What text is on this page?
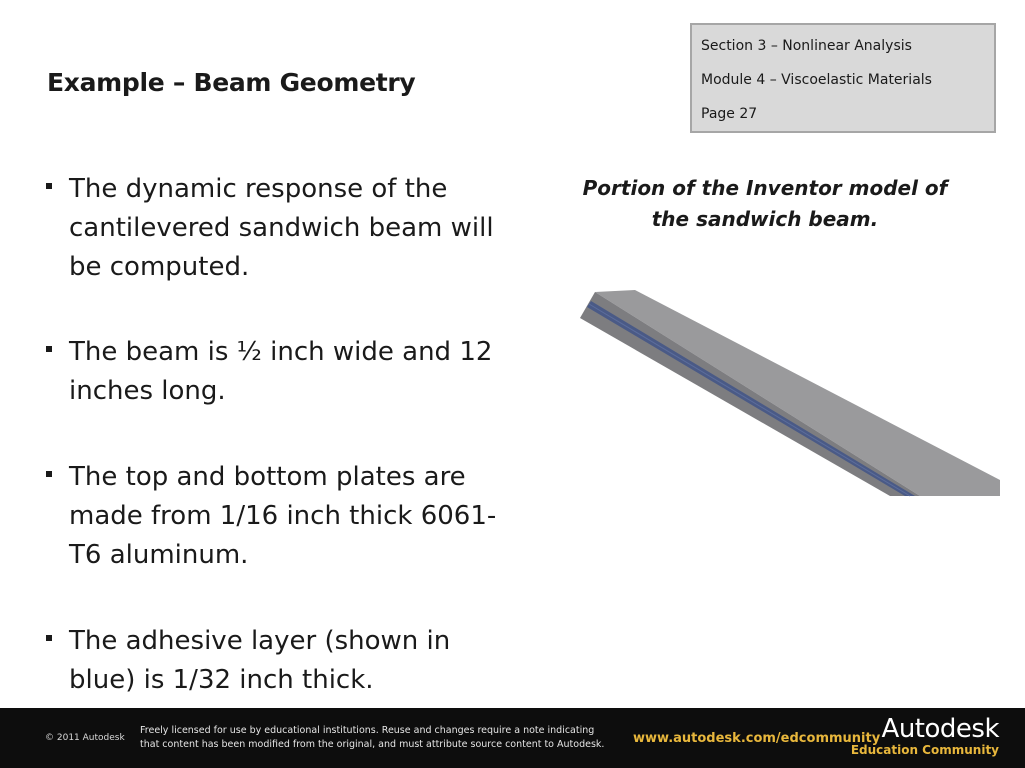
Example – Beam Geometry
Section 3 – Nonlinear Analysis
Module 4 – Viscoelastic Materials
Page 27
The dynamic response of the cantilevered sandwich beam will be computed.
The beam is ½ inch wide and 12 inches long.
The top and bottom plates are made from 1/16 inch thick 6061-T6 aluminum.
The adhesive layer (shown in blue) is 1/32 inch thick.
Portion of the Inventor model of
the sandwich beam.
© 2011 Autodesk
Freely licensed for use by educational institutions. Reuse and changes require a note indicating
that content has been modified from the original, and must attribute source content to Autodesk.	www.autodesk.com/edcommunity Autodesk
Education Community
